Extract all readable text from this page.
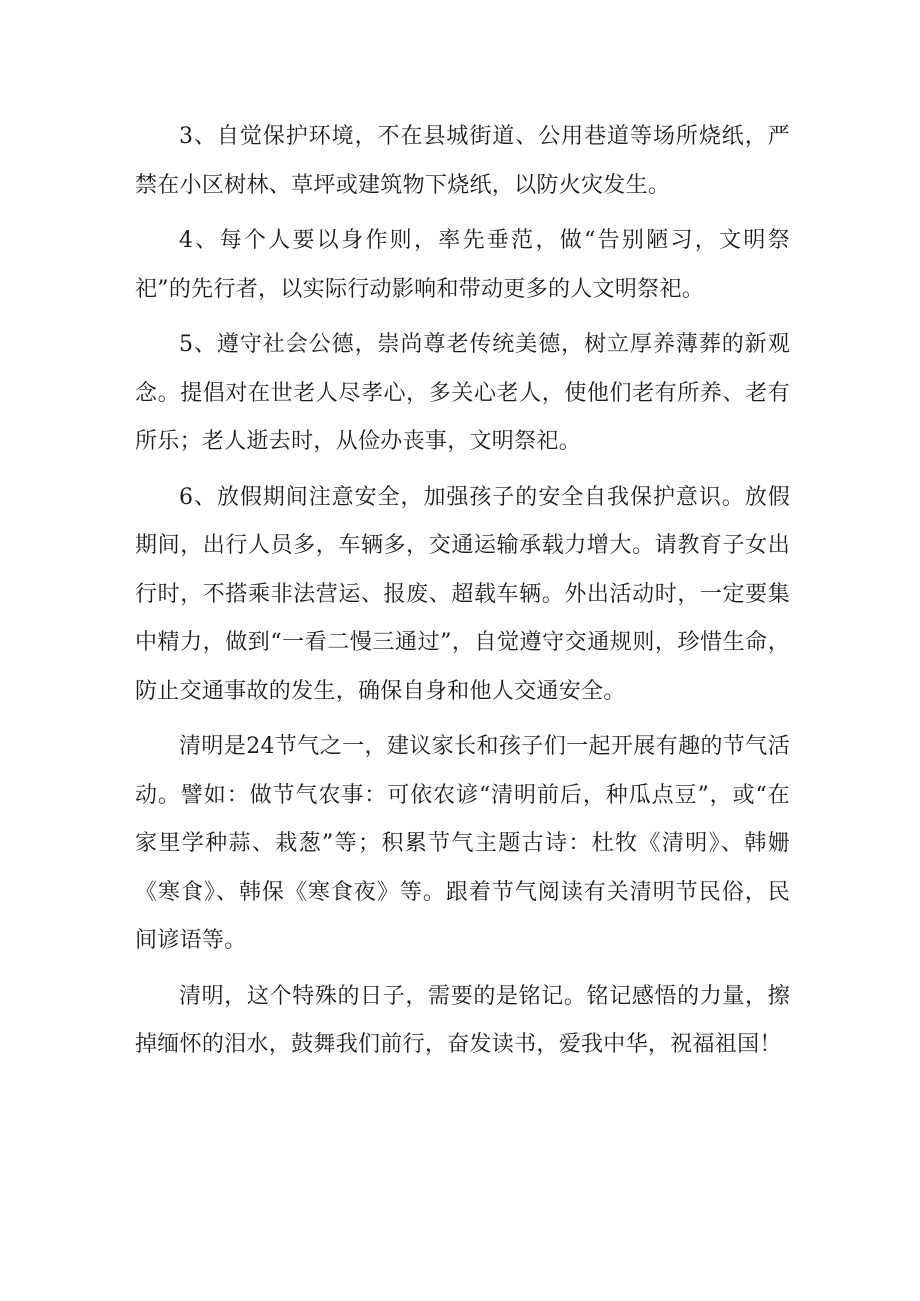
3、自觉保护环境，不在县城街道、公用巷道等场所烧纸，严禁在小区树林、草坪或建筑物下烧纸，以防火灾发生。

4、每个人要以身作则，率先垂范，做“告别陋习，文明祭祀”的先行者，以实际行动影响和带动更多的人文明祭祀。

5、遵守社会公德，崇尚尊老传统美德，树立厚养薄葬的新观念。提倡对在世老人尽孝心，多关心老人，使他们老有所养、老有所乐；老人逝去时，从俭办丧事，文明祭祀。

6、放假期间注意安全，加强孩子的安全自我保护意识。放假期间，出行人员多，车辆多，交通运输承载力增大。请教育子女出行时，不搭乘非法营运、报废、超载车辆。外出活动时，一定要集中精力，做到“一看二慢三通过”，自觉遵守交通规则，珍惜生命，防止交通事故的发生，确保自身和他人交通安全。

清明是24节气之一，建议家长和孩子们一起开展有趣的节气活动。譬如：做节气农事：可依农谚“清明前后，种瓜点豆”，或“在家里学种蒜、栽葱”等；积累节气主题古诗：杜牧《清明》、韩姗《寒食》、韩保《寒食夜》等。跟着节气阅读有关清明节民俗，民间谚语等。

清明，这个特殊的日子，需要的是铭记。铭记感悟的力量，擦掉缅怀的泪水，鼓舞我们前行，奋发读书，爱我中华，祝福祖国！
